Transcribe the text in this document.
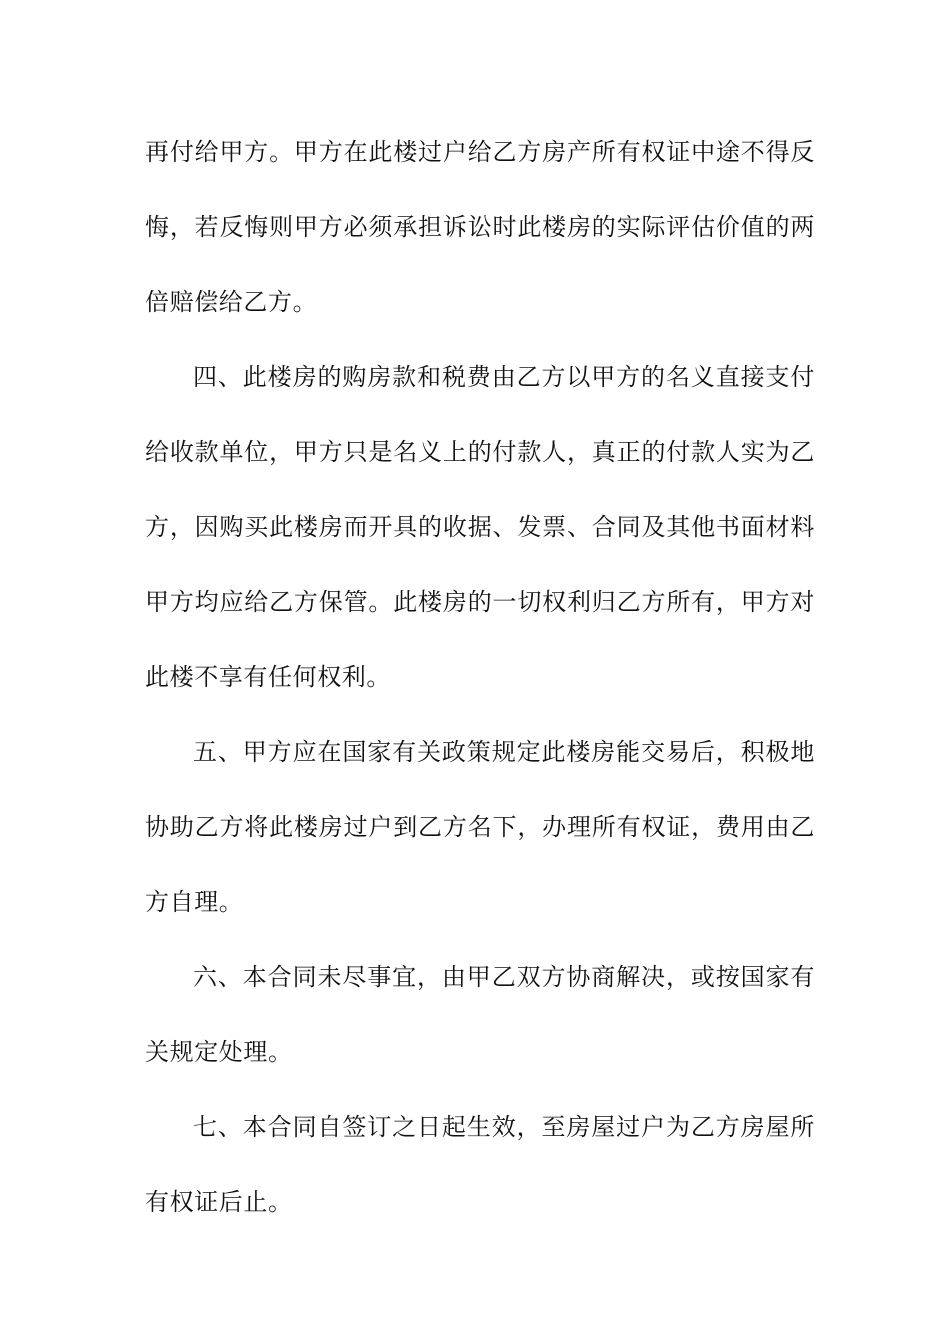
再付给甲方。甲方在此楼过户给乙方房产所有权证中途不得反
悔，若反悔则甲方必须承担诉讼时此楼房的实际评估价值的两
倍赔偿给乙方。
四、此楼房的购房款和税费由乙方以甲方的名义直接支付
给收款单位，甲方只是名义上的付款人，真正的付款人实为乙
方，因购买此楼房而开具的收据、发票、合同及其他书面材料
甲方均应给乙方保管。此楼房的一切权利归乙方所有，甲方对
此楼不享有任何权利。
五、甲方应在国家有关政策规定此楼房能交易后，积极地
协助乙方将此楼房过户到乙方名下，办理所有权证，费用由乙
方自理。
六、本合同未尽事宜，由甲乙双方协商解决，或按国家有
关规定处理。
七、本合同自签订之日起生效，至房屋过户为乙方房屋所
有权证后止。
